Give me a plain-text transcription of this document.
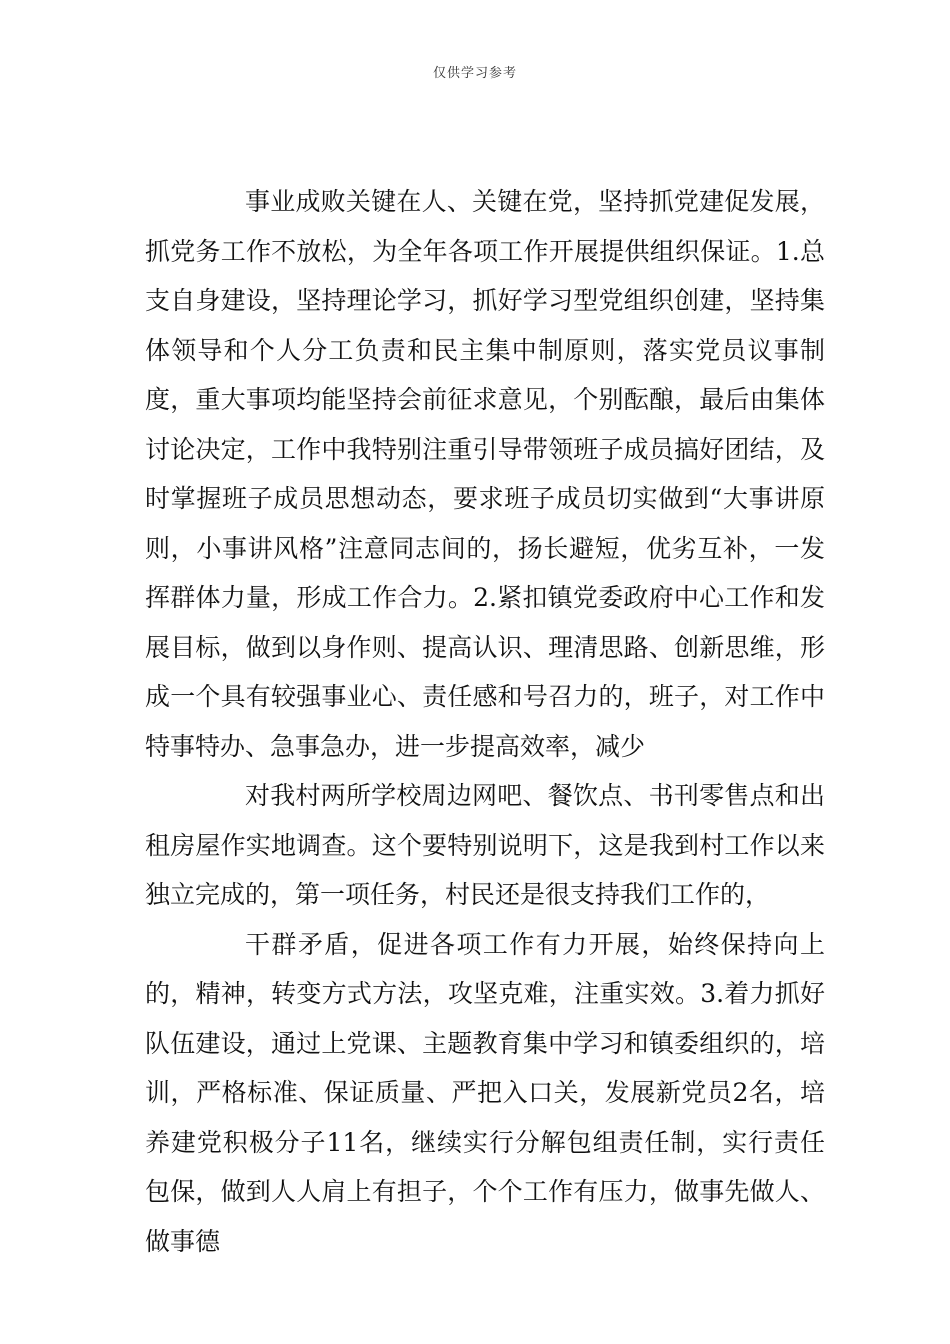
仅供学习参考

事业成败关键在人、关键在党，坚持抓党建促发展，抓党务工作不放松，为全年各项工作开展提供组织保证。1.总支自身建设，坚持理论学习，抓好学习型党组织创建，坚持集体领导和个人分工负责和民主集中制原则，落实党员议事制度，重大事项均能坚持会前征求意见，个别酝酿，最后由集体讨论决定，工作中我特别注重引导带领班子成员搞好团结，及时掌握班子成员思想动态，要求班子成员切实做到“大事讲原则，小事讲风格”注意同志间的，扬长避短，优劣互补，一发挥群体力量，形成工作合力。2.紧扣镇党委政府中心工作和发展目标，做到以身作则、提高认识、理清思路、创新思维，形成一个具有较强事业心、责任感和号召力的，班子，对工作中特事特办、急事急办，进一步提高效率，减少

对我村两所学校周边网吧、餐饮点、书刊零售点和出租房屋作实地调查。这个要特别说明下，这是我到村工作以来独立完成的，第一项任务，村民还是很支持我们工作的，

干群矛盾，促进各项工作有力开展，始终保持向上的，精神，转变方式方法，攻坚克难，注重实效。3.着力抓好队伍建设，通过上党课、主题教育集中学习和镇委组织的，培训，严格标准、保证质量、严把入口关，发展新党员2名，培养建党积极分子11名，继续实行分解包组责任制，实行责任包保，做到人人肩上有担子，个个工作有压力，做事先做人、做事德
